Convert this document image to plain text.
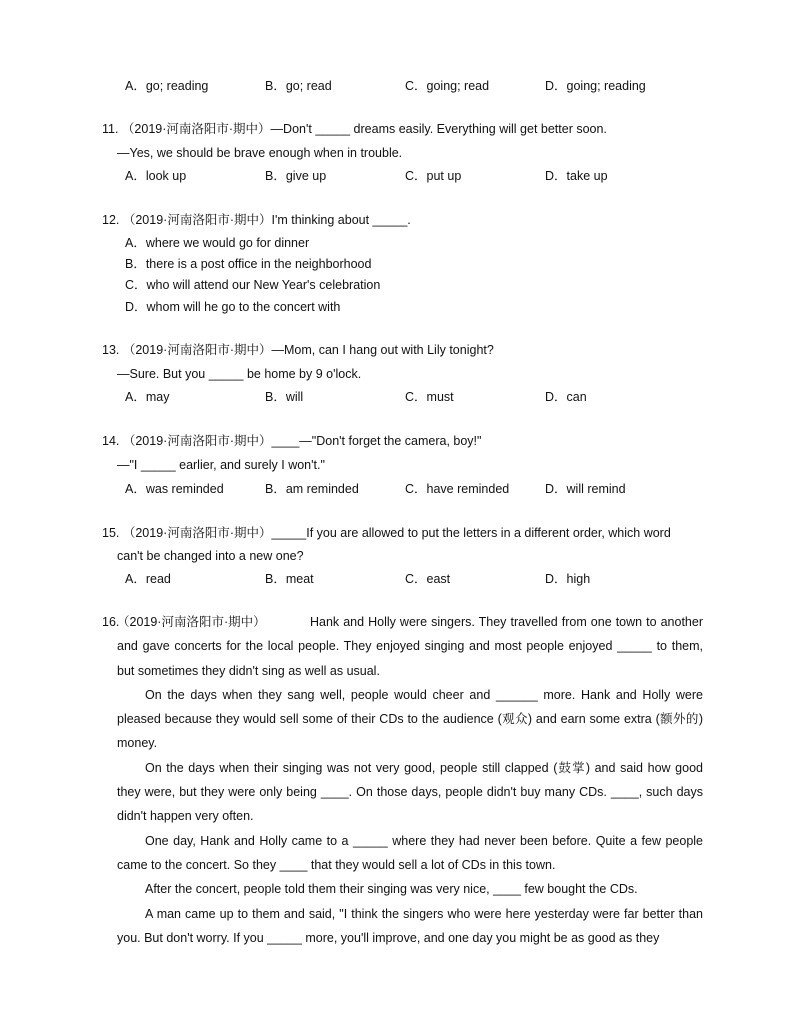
A．go; reading	B．go; read	C．going; read	D．going; reading
11. （2019·河南洛阳市·期中）—Don't _____ dreams easily. Everything will get better soon.
—Yes, we should be brave enough when in trouble.
A．look up	B．give up	C．put up	D．take up
12. （2019·河南洛阳市·期中）I'm thinking about _____.
A．where we would go for dinner
B．there is a post office in the neighborhood
C．who will attend our New Year's celebration
D．whom will he go to the concert with
13. （2019·河南洛阳市·期中）—Mom, can I hang out with Lily tonight?
—Sure. But you _____ be home by 9 o'lock.
A．may	B．will	C．must	D．can
14. （2019·河南洛阳市·期中）____—"Don't forget the camera, boy!"
—"I _____ earlier, and surely I won't."
A．was reminded	B．am reminded	C．have reminded	D．will remind
15. （2019·河南洛阳市·期中）_____If you are allowed to put the letters in a different order, which word
can't be changed into a new one?
A．read	B．meat	C．east	D．high
16.
（2019·河南洛阳市·期中）	Hank and Holly were singers. They travelled from one town to another and gave concerts for the local people. They enjoyed singing and most people enjoyed _____ to them, but sometimes they didn't sing as well as usual.

On the days when they sang well, people would cheer and ______ more. Hank and Holly were pleased because they would sell some of their CDs to the audience (观众) and earn some extra (额外的) money.

On the days when their singing was not very good, people still clapped (鼓掌) and said how good they were, but they were only being ____. On those days, people didn't buy many CDs. ____, such days didn't happen very often.

One day, Hank and Holly came to a _____ where they had never been before. Quite a few people came to the concert. So they ____ that they would sell a lot of CDs in this town.

After the concert, people told them their singing was very nice, ____ few bought the CDs.

A man came up to them and said, "I think the singers who were here yesterday were far better than you. But don't worry. If you _____ more, you'll improve, and one day you might be as good as they
